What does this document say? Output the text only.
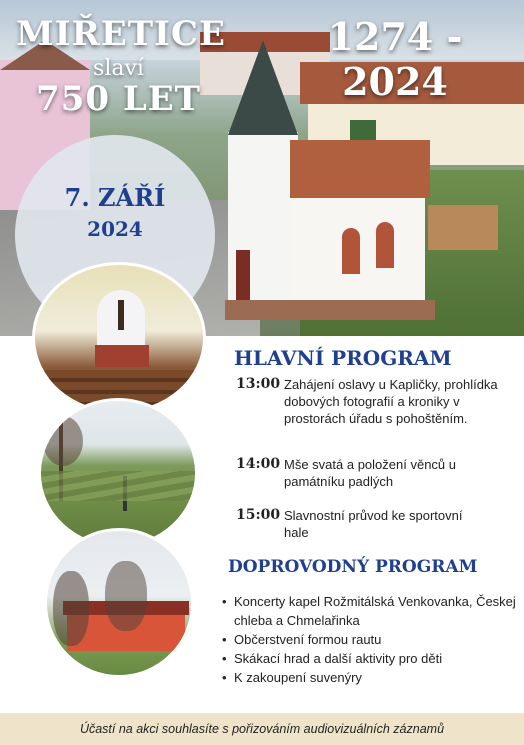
MIŘETICE
slaví
750 LET
1274 - 2024
7. ZÁŘÍ
2024
HLAVNÍ PROGRAM
13:00 Zahájení oslavy u Kapličky, prohlídka dobových fotografií a kroniky v prostorách úřadu s pohoštěním.
14:00 Mše svatá a položení věnců u památníku padlých
15:00 Slavnostní průvod ke sportovní hale
DOPROVODNÝ PROGRAM
• Koncerty kapel Rožmitálská Venkovanka, Českej chleba a Chmelařinka
• Občerstvení formou rautu
• Skákací hrad a další aktivity pro děti
• K zakoupení suvenýry
Účastí na akci souhlasíte s pořizováním audiovizuálních záznamů
